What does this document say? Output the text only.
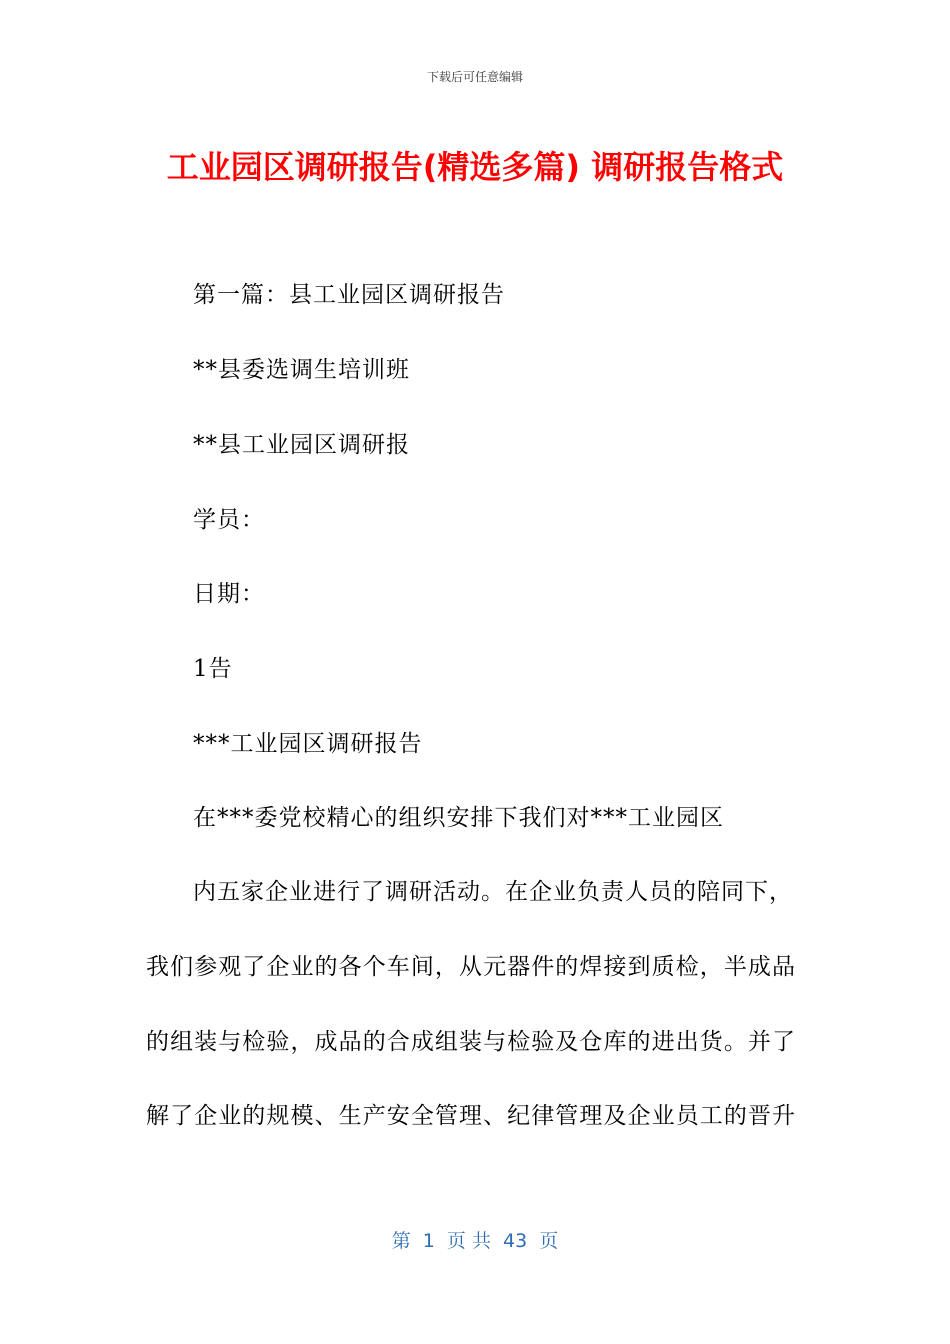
下载后可任意编辑
工业园区调研报告(精选多篇) 调研报告格式
第一篇：县工业园区调研报告
**县委选调生培训班
**县工业园区调研报
学员：
日期：
1告
***工业园区调研报告
在***委党校精心的组织安排下我们对***工业园区
内五家企业进行了调研活动。在企业负责人员的陪同下，
我们参观了企业的各个车间，从元器件的焊接到质检，半成品
的组装与检验，成品的合成组装与检验及仓库的进出货。并了
解了企业的规模、生产安全管理、纪律管理及企业员工的晋升
第  1  页 共  43  页
